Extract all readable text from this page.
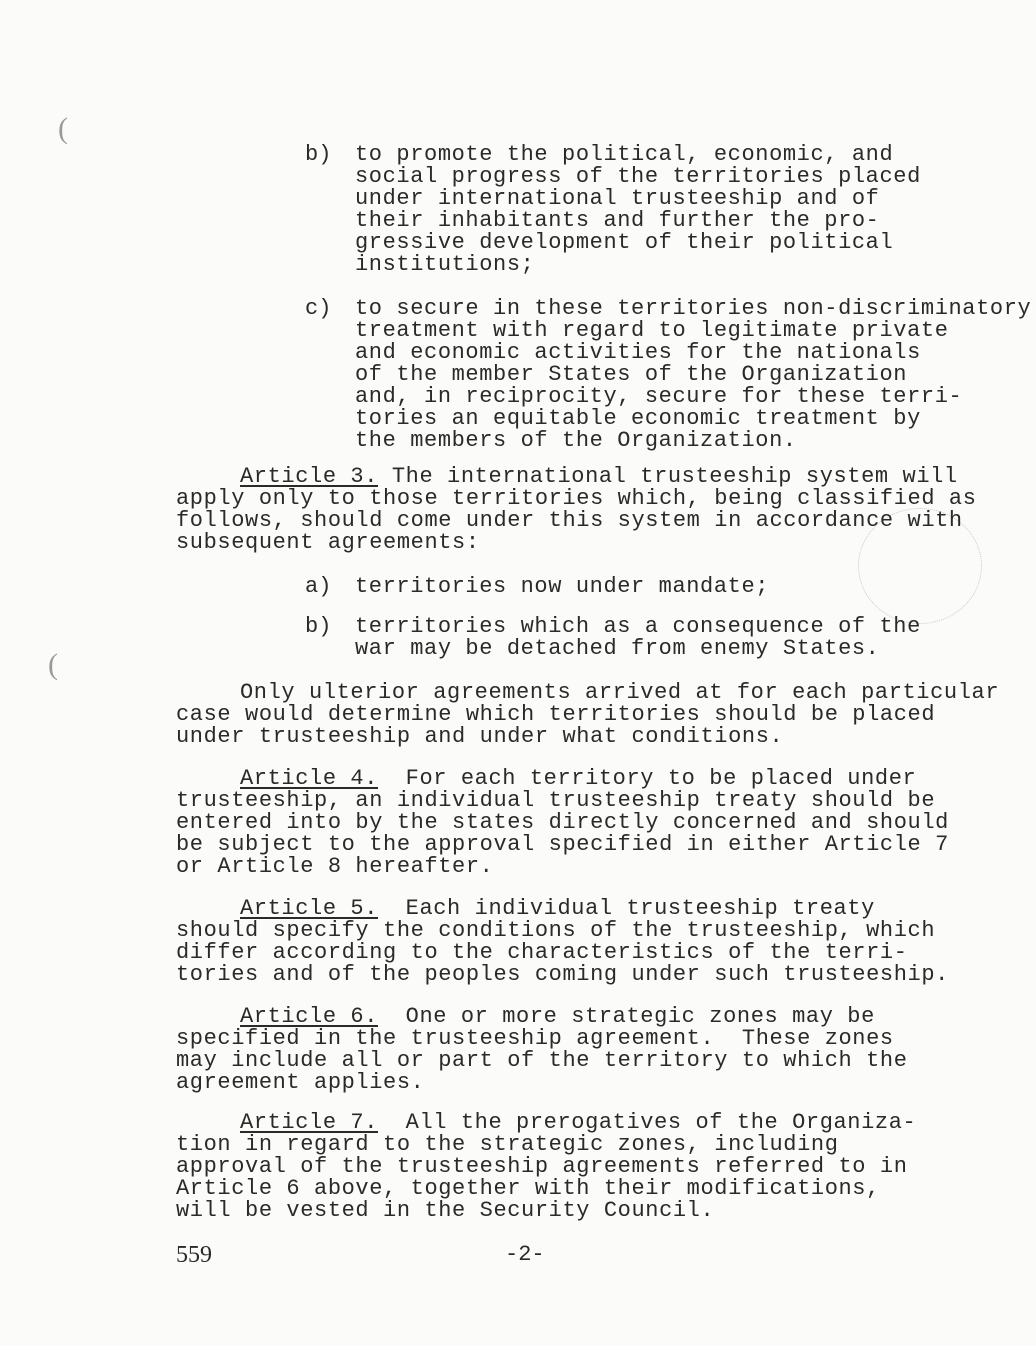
​
(
(
b) to promote the political, economic, and
social progress of the territories placed
under international trusteeship and of
their inhabitants and further the pro-
gressive development of their political
institutions;
c) to secure in these territories non-discriminatory
treatment with regard to legitimate private
and economic activities for the nationals
of the member States of the Organization
and, in reciprocity, secure for these terri-
tories an equitable economic treatment by
the members of the Organization.
Article 3. The international trusteeship system will
apply only to those territories which, being classified as
follows, should come under this system in accordance with
subsequent agreements:
a) territories now under mandate;
b) territories which as a consequence of the
war may be detached from enemy States.
Only ulterior agreements arrived at for each particular
case would determine which territories should be placed
under trusteeship and under what conditions.
Article 4.  For each territory to be placed under
trusteeship, an individual trusteeship treaty should be
entered into by the states directly concerned and should
be subject to the approval specified in either Article 7
or Article 8 hereafter.
Article 5.  Each individual trusteeship treaty
should specify the conditions of the trusteeship, which
differ according to the characteristics of the terri-
tories and of the peoples coming under such trusteeship.
Article 6.  One or more strategic zones may be
specified in the trusteeship agreement.  These zones
may include all or part of the territory to which the
agreement applies.
Article 7.  All the prerogatives of the Organiza-
tion in regard to the strategic zones, including
approval of the trusteeship agreements referred to in
Article 6 above, together with their modifications,
will be vested in the Security Council.
559	-2-
